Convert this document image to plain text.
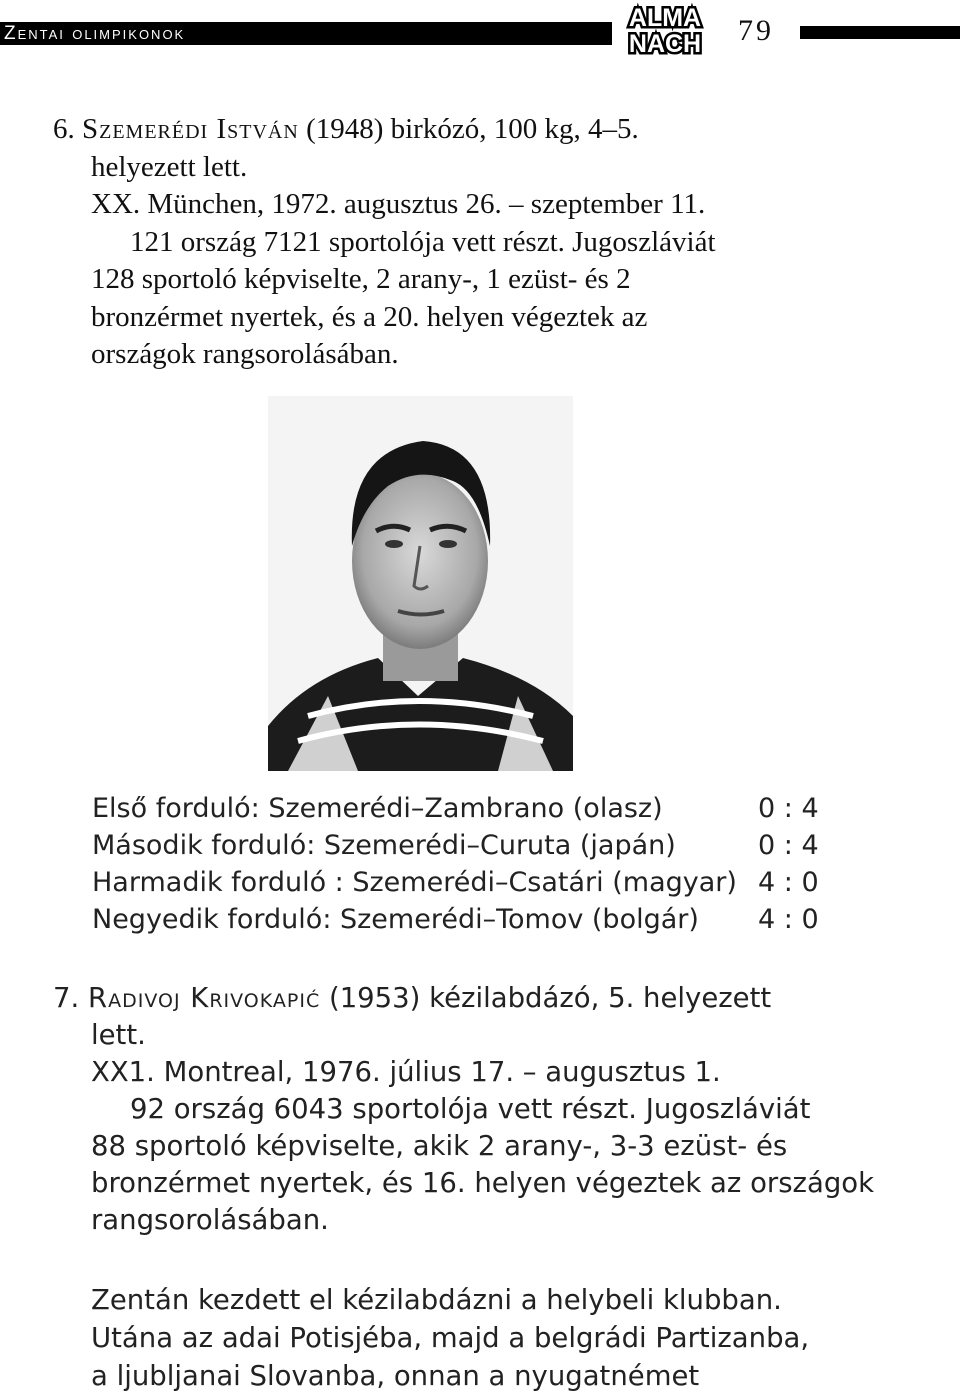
Zentai olimpikonok
ALMA
NACH 79
6. Szemerédi István (1948) birkózó, 100 kg, 4–5.
helyezett lett.
XX. München, 1972. augusztus 26. – szeptember 11.
121 ország 7121 sportolója vett részt. Jugoszláviát
128 sportoló képviselte, 2 arany-, 1 ezüst- és 2
bronzérmet nyertek, és a 20. helyen végeztek az
országok rangsorolásában.
Első forduló: Szemerédi–Zambrano (olasz)	0 : 4
Második forduló: Szemerédi–Curuta (japán)	0 : 4
Harmadik forduló : Szemerédi–Csatári (magyar) 4 : 0
Negyedik forduló: Szemerédi–Tomov (bolgár) 4 : 0
7. Radivoj Krivokapić (1953) kézilabdázó, 5. helyezett
lett.
XX1. Montreal, 1976. július 17. – augusztus 1.
92 ország 6043 sportolója vett részt. Jugoszláviát
88 sportoló képviselte, akik 2 arany-, 3-3 ezüst- és
bronzérmet nyertek, és 16. helyen végeztek az országok
rangsorolásában.
Zentán kezdett el kézilabdázni a helybeli klubban.
Utána az adai Potisjéba, majd a belgrádi Partizanba,
a ljubljanai Slovanba, onnan a nyugatnémet
